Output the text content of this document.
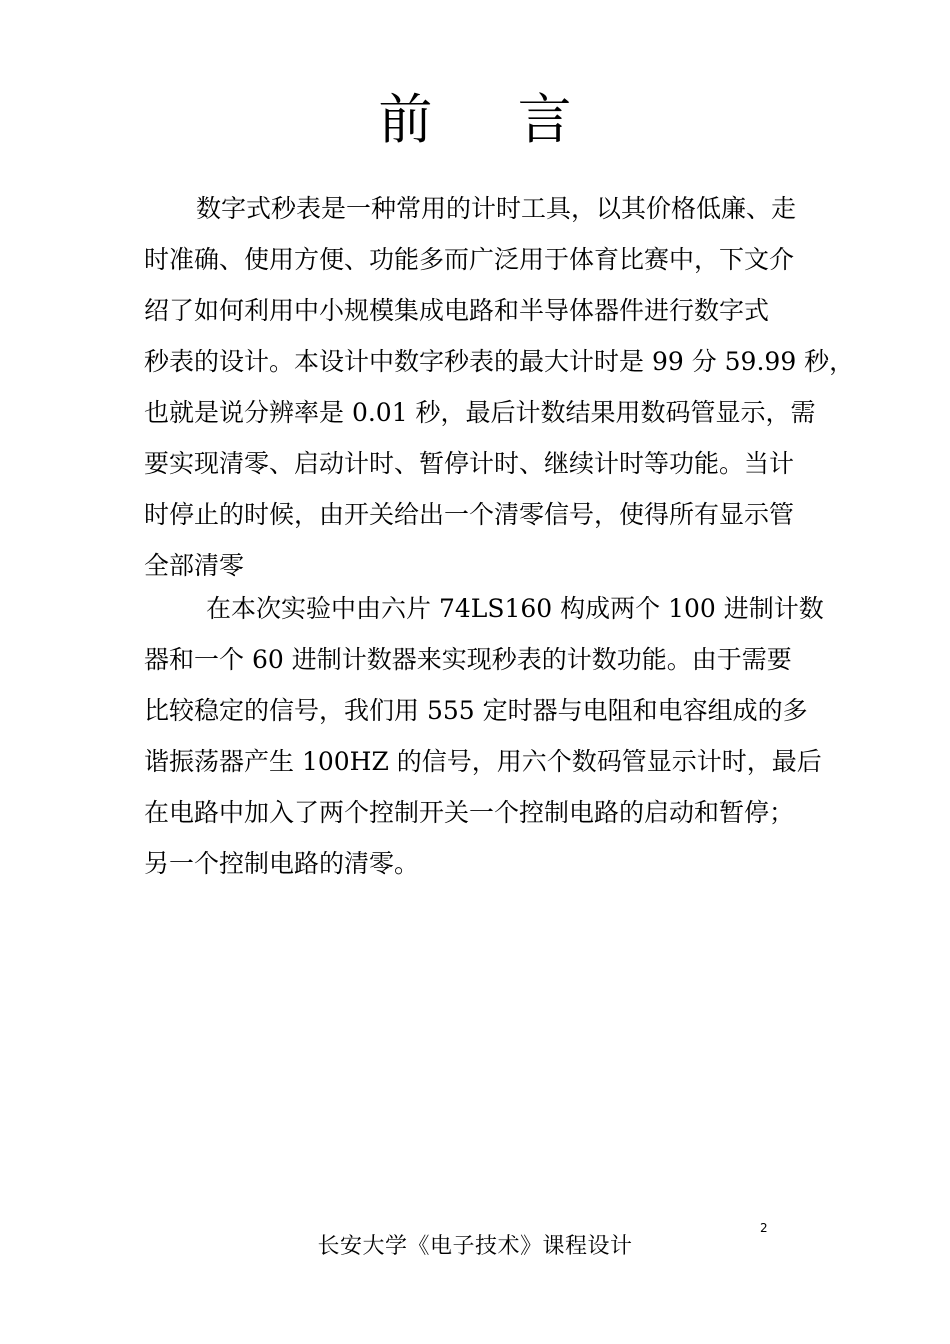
前 言
数字式秒表是一种常用的计时工具，以其价格低廉、走
时准确、使用方便、功能多而广泛用于体育比赛中，下文介
绍了如何利用中小规模集成电路和半导体器件进行数字式
秒表的设计。本设计中数字秒表的最大计时是 99 分 59.99 秒，
也就是说分辨率是 0.01 秒，最后计数结果用数码管显示，需
要实现清零、启动计时、暂停计时、继续计时等功能。当计
时停止的时候，由开关给出一个清零信号，使得所有显示管
全部清零
在本次实验中由六片 74LS160 构成两个 100 进制计数
器和一个 60 进制计数器来实现秒表的计数功能。由于需要
比较稳定的信号，我们用 555 定时器与电阻和电容组成的多
谐振荡器产生 100HZ 的信号，用六个数码管显示计时，最后
在电路中加入了两个控制开关一个控制电路的启动和暂停；
另一个控制电路的清零。
2
长安大学《电子技术》课程设计
